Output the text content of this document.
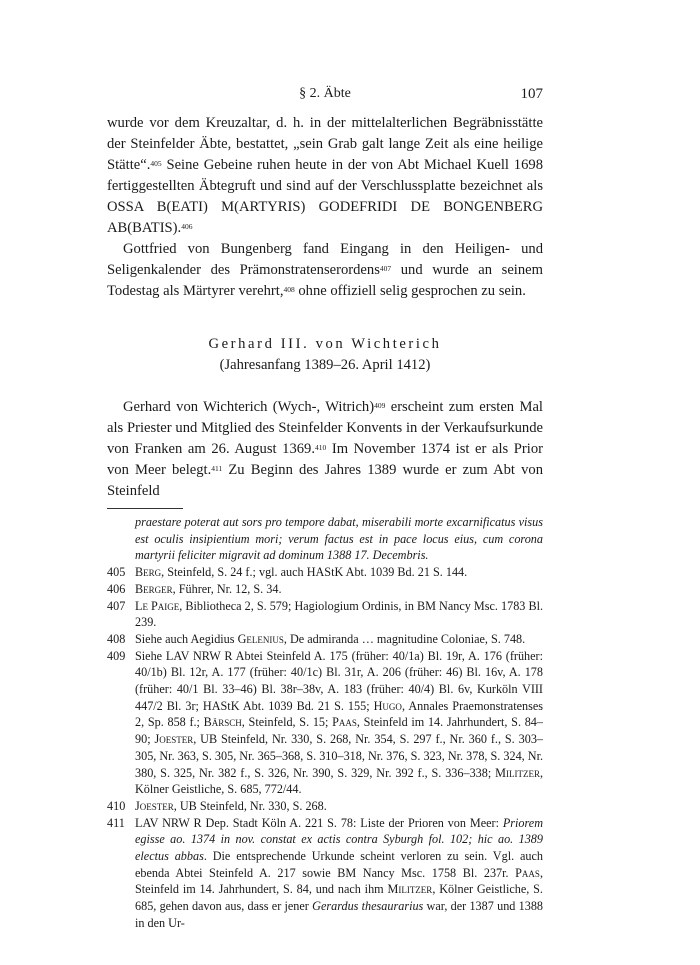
§ 2. Äbte	107

wurde vor dem Kreuzaltar, d. h. in der mittelalterlichen Begräbnisstätte der Steinfelder Äbte, bestattet, „sein Grab galt lange Zeit als eine heilige Stätte“.$^{405}$ Seine Gebeine ruhen heute in der von Abt Michael Kuell 1698 fertiggestellten Äbtegruft und sind auf der Verschlussplatte bezeichnet als OSSA B(EATI) M(ARTYRIS) GODEFRIDI DE BONGENBERG AB(BATIS).$^{406}$

Gottfried von Bungenberg fand Eingang in den Heiligen- und Seligenkalender des Prämonstratenserordens$^{407}$ und wurde an seinem Todestag als Märtyrer verehrt,$^{408}$ ohne offiziell selig gesprochen zu sein.

Gerhard III. von Wichterich
(Jahresanfang 1389–26. April 1412)

Gerhard von Wichterich (Wych-, Witrich)$^{409}$ erscheint zum ersten Mal als Priester und Mitglied des Steinfelder Konvents in der Verkaufsurkunde von Franken am 26. August 1369.$^{410}$ Im November 1374 ist er als Prior von Meer belegt.$^{411}$ Zu Beginn des Jahres 1389 wurde er zum Abt von Steinfeld

praestare poterat aut sors pro tempore dabat, miserabili morte excarnificatus visus est oculis insipientium mori; verum factus est in pace locus eius, cum corona martyrii feliciter migravit ad dominum 1388 17. Decembris.

405 Berg, Steinfeld, S. 24 f.; vgl. auch HAStK Abt. 1039 Bd. 21 S. 144.

406 Berger, Führer, Nr. 12, S. 34.

407 Le Paige, Bibliotheca 2, S. 579; Hagiologium Ordinis, in BM Nancy Msc. 1783 Bl. 239.

408 Siehe auch Aegidius Gelenius, De admiranda … magnitudine Coloniae, S. 748.

409 Siehe LAV NRW R Abtei Steinfeld A. 175 (früher: 40/1a) Bl. 19r, A. 176 (früher: 40/1b) Bl. 12r, A. 177 (früher: 40/1c) Bl. 31r, A. 206 (früher: 46) Bl. 16v, A. 178 (früher: 40/1 Bl. 33–46) Bl. 38r–38v, A. 183 (früher: 40/4) Bl. 6v, Kurköln VIII 447/2 Bl. 3r; HAStK Abt. 1039 Bd. 21 S. 155; Hugo, Annales Praemonstratenses 2, Sp. 858 f.; Bärsch, Steinfeld, S. 15; Paas, Steinfeld im 14. Jahrhundert, S. 84–90; Joester, UB Steinfeld, Nr. 330, S. 268, Nr. 354, S. 297 f., Nr. 360 f., S. 303–305, Nr. 363, S. 305, Nr. 365–368, S. 310–318, Nr. 376, S. 323, Nr. 378, S. 324, Nr. 380, S. 325, Nr. 382 f., S. 326, Nr. 390, S. 329, Nr. 392 f., S. 336–338; Militzer, Kölner Geistliche, S. 685, 772/44.

410 Joester, UB Steinfeld, Nr. 330, S. 268.

411 LAV NRW R Dep. Stadt Köln A. 221 S. 78: Liste der Prioren von Meer: Priorem egisse ao. 1374 in nov. constat ex actis contra Syburgh fol. 102; hic ao. 1389 electus abbas. Die entsprechende Urkunde scheint verloren zu sein. Vgl. auch ebenda Abtei Steinfeld A. 217 sowie BM Nancy Msc. 1758 Bl. 237r. Paas, Steinfeld im 14. Jahrhundert, S. 84, und nach ihm Militzer, Kölner Geistliche, S. 685, gehen davon aus, dass er jener Gerardus thesaurarius war, der 1387 und 1388 in den Ur-
